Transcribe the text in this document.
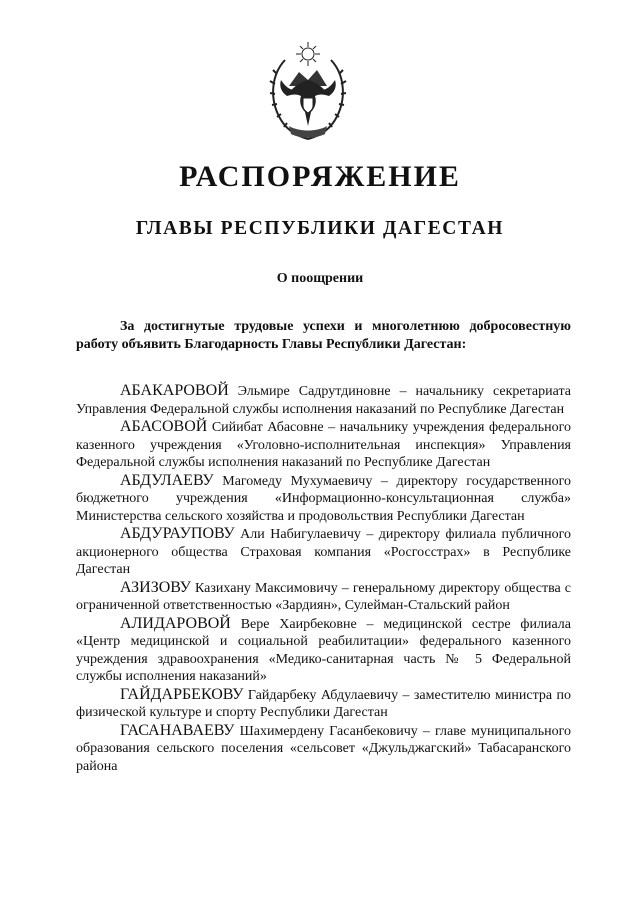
РАСПОРЯЖЕНИЕ
ГЛАВЫ РЕСПУБЛИКИ ДАГЕСТАН
О поощрении
За достигнутые трудовые успехи и многолетнюю добросовестную работу объявить Благодарность Главы Республики Дагестан:

АБАКАРОВОЙ Эльмире Садрутдиновне – начальнику секретариата Управления Федеральной службы исполнения наказаний по Республике Дагестан

АБАСОВОЙ Сийибат Абасовне – начальнику учреждения федерального казенного учреждения «Уголовно-исполнительная инспекция» Управления Федеральной службы исполнения наказаний по Республике Дагестан

АБДУЛАЕВУ Магомеду Мухумаевичу – директору государственного бюджетного учреждения «Информационно-консультационная служба» Министерства сельского хозяйства и продовольствия Республики Дагестан

АБДУРАУПОВУ Али Набигулаевичу – директору филиала публичного акционерного общества Страховая компания «Росгосстрах» в Республике Дагестан

АЗИЗОВУ Казихану Максимовичу – генеральному директору общества с ограниченной ответственностью «Зардиян», Сулейман-Стальский район

АЛИДАРОВОЙ Вере Хаирбековне – медицинской сестре филиала «Центр медицинской и социальной реабилитации» федерального казенного учреждения здравоохранения «Медико-санитарная часть № 5 Федеральной службы исполнения наказаний»

ГАЙДАРБЕКОВУ Гайдарбеку Абдулаевичу – заместителю министра по физической культуре и спорту Республики Дагестан

ГАСАНАВАЕВУ Шахимердену Гасанбековичу – главе муниципального образования сельского поселения «сельсовет «Джульджагский» Табасаранского района
